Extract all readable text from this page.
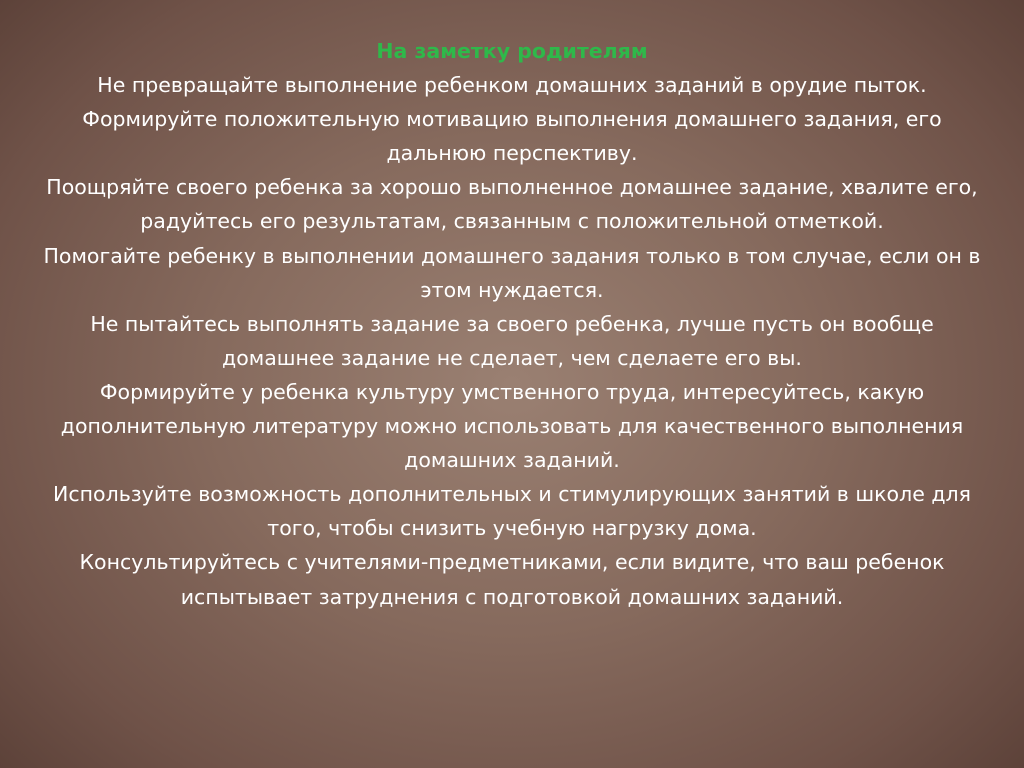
На заметку родителям
Не превращайте выполнение ребенком домашних заданий в орудие пыток.
Формируйте положительную мотивацию выполнения домашнего задания, его дальнюю перспективу.
Поощряйте своего ребенка за хорошо выполненное домашнее задание, хвалите его, радуйтесь его результатам, связанным с положительной отметкой.
Помогайте ребенку в выполнении домашнего задания только в том случае, если он в этом нуждается.
Не пытайтесь выполнять задание за своего ребенка, лучше пусть он вообще домашнее задание не сделает, чем сделаете его вы.
Формируйте у ребенка культуру умственного труда, интересуйтесь, какую дополнительную литературу можно использовать для качественного выполнения домашних заданий.
Используйте возможность дополнительных и стимулирующих занятий в школе для того, чтобы снизить учебную нагрузку дома.
Консультируйтесь с учителями-предметниками, если видите, что ваш ребенок испытывает затруднения с подготовкой домашних заданий.
